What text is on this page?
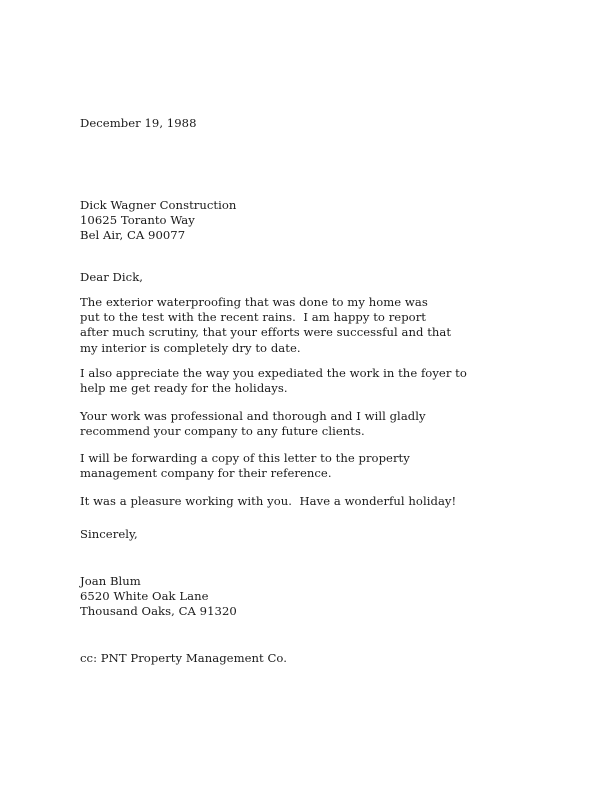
December 19, 1988
Dick Wagner Construction
10625 Toranto Way
Bel Air, CA 90077
Dear Dick,
The exterior waterproofing that was done to my home was
put to the test with the recent rains.  I am happy to report
after much scrutiny, that your efforts were successful and that
my interior is completely dry to date.
I also appreciate the way you expediated the work in the foyer to
help me get ready for the holidays.
Your work was professional and thorough and I will gladly
recommend your company to any future clients.
I will be forwarding a copy of this letter to the property
management company for their reference.
It was a pleasure working with you.  Have a wonderful holiday!
Sincerely,
Joan Blum
6520 White Oak Lane
Thousand Oaks, CA 91320
cc: PNT Property Management Co.
